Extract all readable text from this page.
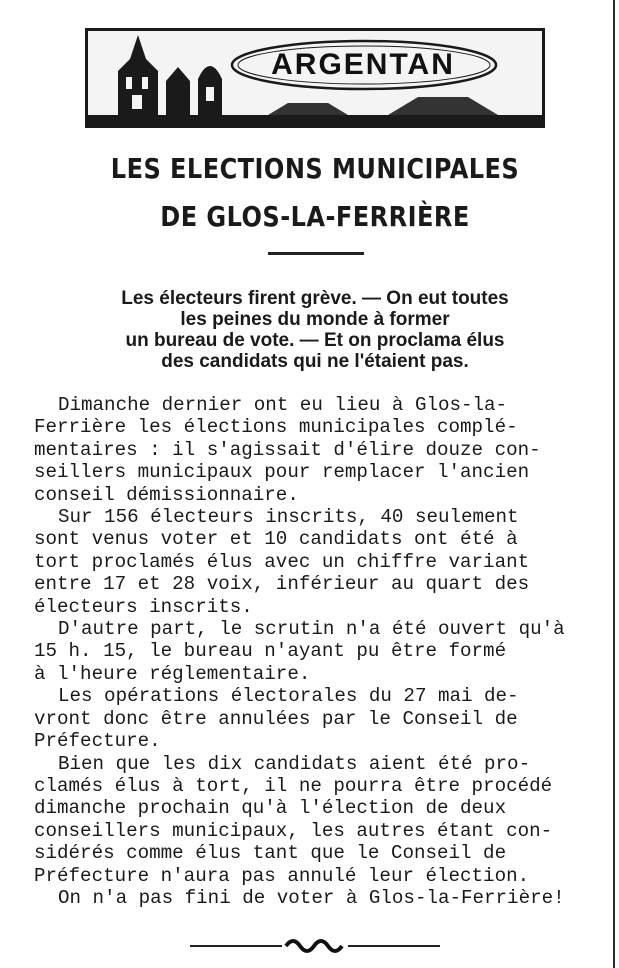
ARGENTAN
LES ELECTIONS MUNICIPALES
DE GLOS-LA-FERRIÈRE
Les électeurs firent grève. — On eut toutes
les peines du monde à former
un bureau de vote. — Et on proclama élus
des candidats qui ne l'étaient pas.
Dimanche dernier ont eu lieu à Glos-la-
Ferrière les élections municipales complé-
mentaires : il s'agissait d'élire douze con-
seillers municipaux pour remplacer l'ancien
conseil démissionnaire.
Sur 156 électeurs inscrits, 40 seulement
sont venus voter et 10 candidats ont été à
tort proclamés élus avec un chiffre variant
entre 17 et 28 voix, inférieur au quart des
électeurs inscrits.
D'autre part, le scrutin n'a été ouvert qu'à
15 h. 15, le bureau n'ayant pu être formé
à l'heure réglementaire.
Les opérations électorales du 27 mai de-
vront donc être annulées par le Conseil de
Préfecture.
Bien que les dix candidats aient été pro-
clamés élus à tort, il ne pourra être procédé
dimanche prochain qu'à l'élection de deux
conseillers municipaux, les autres étant con-
sidérés comme élus tant que le Conseil de
Préfecture n'aura pas annulé leur élection.
On n'a pas fini de voter à Glos-la-Ferrière!
